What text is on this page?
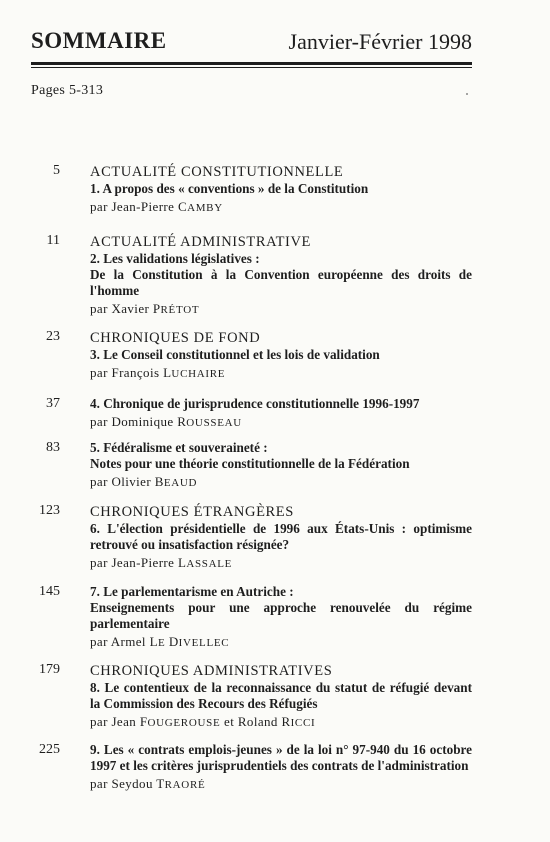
SOMMAIRE	Janvier-Février 1998
Pages 5-313
5 ACTUALITÉ CONSTITUTIONNELLE
1. A propos des « conventions » de la Constitution
par Jean-Pierre CAMBY
11 ACTUALITÉ ADMINISTRATIVE
2. Les validations législatives :
De la Constitution à la Convention européenne des droits de l'homme
par Xavier PRÉTOT
23 CHRONIQUES DE FOND
3. Le Conseil constitutionnel et les lois de validation
par François LUCHAIRE
37 4. Chronique de jurisprudence constitutionnelle 1996-1997
par Dominique ROUSSEAU
83 5. Fédéralisme et souveraineté :
Notes pour une théorie constitutionnelle de la Fédération
par Olivier BEAUD
123 CHRONIQUES ÉTRANGÈRES
6. L'élection présidentielle de 1996 aux États-Unis : optimisme retrouvé ou insatisfaction résignée?
par Jean-Pierre LASSALE
145 7. Le parlementarisme en Autriche :
Enseignements pour une approche renouvelée du régime parlementaire
par Armel LE DIVELLEC
179 CHRONIQUES ADMINISTRATIVES
8. Le contentieux de la reconnaissance du statut de réfugié devant la Commission des Recours des Réfugiés
par Jean FOUGEROUSE et Roland RICCI
225 9. Les « contrats emplois-jeunes » de la loi n° 97-940 du 16 octobre 1997 et les critères jurisprudentiels des contrats de l'administration
par Seydou TRAORÉ
